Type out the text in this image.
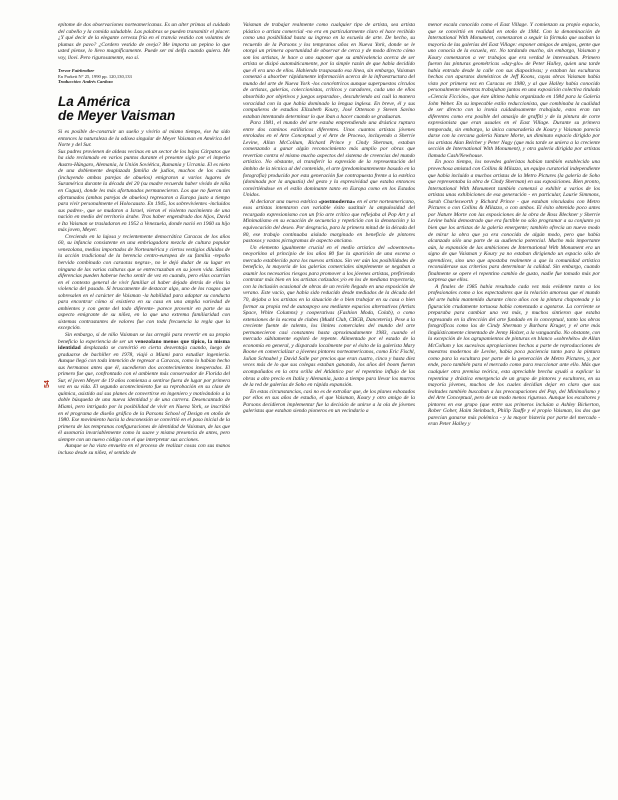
54

epitome de dos observaciones norteamericanas. Es un alter primas al cuidado del cabello y la comida saludable. Las palabras se pueden transmitir el placer. ¿Y qué decir de la elegante cerveza fría en el tranvía vestido con volantes de plumas de pavo? ¿Cordero vestido de oveja? Me importa un pepino lo que usted piense, lo llevo magníficamente. Puede ser mi deifa cuando quiera. Me voy, llovi. Pero rigurosamente, eso sí.

Trevor Fairbrother
En Parkett N° 25, 1990 pp. 120,130,133
Traducción: Andrés Cardozo
La América
de Meyer Vaisman

Si es posible de-construir un sueño y vivirlo al mismo tiempo, ése ha sido entonces la naturaleza de la odisea singular de Meyer Vaisman en América del Norte y del Sur.

Sus padres provienen de aldeas vecinas en un sector de los bajos Cárpatos que ha sido reclamado en varios puntos durante el presente siglo por el imperio Austro-Húngaro, Alemania, la Unión Soviética, Rumania y Ucrania. El es nieto de una doblemente desplazada familia de judíos, muchos de los cuales (incluyendo ambas parejas de abuelos) emigraron a varios lugares de Suramérica durante la década del 20 (su madre recuerda haber vivido de niña en Cagua), donde les más afortunados permanecieron. Los que no fueron tan afortunados (ambas parejas de abuelos) regresaron a Europa justo a tiempo para vivir personalmente el Holocausto. En 1945, los sobrevivientes -incluidos sus padres-, que se mudaron a Israel, vieron el violento nacimiento de una nación en medio del territorio árabe. Tras haber engendrado dos hijos, David e Ita Vaisman se trasladaron en 1952 a Venezuela, donde nació en 1960 su hijo más joven, Meyer.

Creciendo en la lujosa y recientemente democrática Caracas de los años 60, su infancia consistente en una embriagadora mezcla de cultura popular venezolana, medios importados de Norteamérica y ciertos vestigios diluidos de la acción tradicional de la herencia centro-europea de su familia -repollo hervido combinado con caraotas negras-, no le dejó dudar de su lugar en ninguna de las varias culturas que se entrecruzaban en su joven vida. Sutiles diferencias pueden haberse hecho sentir de vez en cuando, pero ellas ocurrían en el contexto general de vivir familiar al haber dejado detrás de ellos la violencia del pasado. Si bruscamente de destacar algo, uno de los rasgos que sobresalen en el carácter de Vaisman -la habilidad para adaptar su conducta para encontrar cómo sí existiera en su casa en una amplia variedad de ambientes y con gente del todo diferente- parece provenir en parte de su aspecto emigrante de su niñez, en la que una extrema familiaridad con sistemas contrastantes de valores fue con toda frecuencia la regla que la excepción.

Sin embargo, si de niño Vaisman se las arregló para revertir en su propio beneficio la experiencia de ser un venezolano menos que típico, la misma identidad desplazada se convirtió en cierta desventaja cuando, luego de graduarse de bachiller en 1978, viajó a Miami para estudiar ingeniería. Aunque llegó con toda intención de regresar a Caracas, como lo habían hecho sus hermanos antes que él, sucedieron dos acontecimientos inesperados. El primero fue que, confrontado con el ambiente más conservador de Florida del Sur, el joven Meyer de 19 años comienza a sentirse fuera de lugar por primera vez en su vida. El segundo acontecimiento fue su reprobación en su clase de química, asistido así sus planes de convertirse en ingeniero y motivándolo a la doble búsqueda de una nueva identidad y de una carrera. Desencantado de Miami, pero intrigado por la posibilidad de vivir en Nueva York, se inscribió en el programa de diseño gráfico de la Parsons School of Design en otoño de 1980. Ese movimiento hacia la desconexión se convirtió en el paso inicial de la primera de las tempranas configuraciones de identidad de Vaisman, de las que él asomaría invariablemente como la suave y misma presencia de antes, pero siempre con un nuevo código con el que interpretar sus acciones.

Aunque se ha visto envuelto en el proceso de realizar cosas con sus manos incluso desde su niñez, el sentido de

Vaisman de trabajar realmente como cualquier tipo de artista, sea artista plástico o artista comercial -no era en particularmente claro el hace recibido como una posibilidad hasta su ingreso en la escuela de arte. De hecho, su recuerdo de la Parsons y los tempranos años en Nueva York, donde se le otorgó un primera oportunidad de observar de cerca y de modo directo cómo son los artistas, le hace a uno suponer que su ambivalencia acerca de ser artista se disipó automáticamente, por la simple razón de que había decidido que él era uno de ellos. Habiendo traspasado esa línea, sin embargo, Vaisman comenzó a absorber rápidamente información acerca de la infraestructura del mundo del arte de Nueva York -los concéntricos aunque superpuestos círculos de artistas, galerías, coleccionistas, críticos y curadores, cada uno de ellos absorbido por objetivos y juegos separados-, descubriendo así cuál la manera voracidad con la que había dominado la lengua inglesa. En breve, él y sus compañeros de estudios Elizabeth Koury, José Ottenson y Steven Savino estaban intentando determinar lo que iban a hacer cuando se graduaran.

Para 1981, el mundo del arte estaba emprendiendo una drástica ruptura entre dos caminos estilísticos diferentes. Unos cuantos artistas jóvenes enrolados en el Arte Conceptual y el Arte de Proceso, incluyendo a Sherrie Levine, Allan McCollum, Richard Prince y Cindy Sherman, estaban comenzando a ganar algún reconocimiento más amplio por obras que revertían contra el mismo mucho aspectos del sistema de creencias del mundo artístico. No obstante, al transferir la expresión de la representación del ámbito de la técnica al del contenido, el arte (predominantemente basado en la fotografía) producido por esta generación fue contrapuesta frente a la estética (dominada por la angustia) del gesto y la expresividad que estaba entonces convirtiéndose en el estilo dominante tanto en Europa como en los Estados Unidos.

Al declarar una nueva estética «postmoderna» en el arte norteamericano, esos artistas intentaron con variable éxito sustituir la ampulosidad del recargado expresionismo con un frío arte crítico que reflejaba al Pop Art y al Minimalismo en su ecuación de secuencia y repetición con la denotación y la equivocación del deseo. Por desgracia, para la primera mitad de la década del 80, ese trabajo continuaba aislado marginado en beneficio de pintores pastosos y vastos pictogramas de aspecto anciano.

Un elemento igualmente crucial en el medio artístico del «downtown» neoyorkino al principio de los años 80 fue la aparición de una escena o mercado establecido para los nuevos artistas. Sin ver aún las posibilidades de beneficio, la mayoría de las galerías comerciales simplemente se negaban a asumir los necesarios riesgos para promover a los jóvenes artistas, prefiriendo contratar más bien en los artistas cotizados y/o en los de mediana trayectoria, con la inclusión ocasional de obras de un recién llegado en una exposición de verano. Este vacío, que había sido reducido desde mediados de la década del 70, dejaba a los artistas en la situación de o bien trabajar en su casa o bien formar su propia red de autoapoyo sea mediante espacios alternativos (Artists Space, White Columns) y cooperativas (Fashion Moda, Colab), o como extensiones de la escena de clubes (Mudd Club, CBGB, Danceteria). Pese a la creciente fuente de talento, los límites comerciales del mundo del arte permanecieron casi constantes hasta aproximadamente 1983, cuando el mercado súbitamente explotó de repente. Alimentado por el estado de la economía en general, y disparado localmente por el éxito de la galerista Mary Boone en comercializar a jóvenes pintores norteamericanos, como Eric Fischl, Julian Schnabel y David Salle por precios que eran cuatro, cinco y hasta diez veces más de lo que sus colegas estaban ganando, los años del boom fueron acompañados en la otra orilla del Atlántico por el repentino influjo de las obras a alto precio en Italia y Alemania, justo a tiempo para llevar los murros de la red de galerías de Soho en rápida expansión.

En estas circunstancias, casi no es de extrañar que, de los planes esbozados por ellos en sus años de estudio, el que Vaisman, Koury y otro amigo de la Parsons decidieron implementar fue la decisión de unirse a la ola de jóvenes galeristas que estaban siendo pioneros en un vecindario a

menor escala conocido como el East Village. Y comienzan su propio espacio, que se convirtió en realidad en otoño de 1984. Con la denominación de International With Monument, comenzaron a seguir la fórmula que usaban la mayoría de las galerías del East Village: exponer amigos de amigos, gente que uno conocía de la escuela, etc. No tardando mucho, sin embargo, Vaisman y Koury comenzaron a ver trabajos que era verdad le interesaban. Primero fueron las pinturas geométricas «day-glo» de Peter Halley, quien una tarde había entrado desde la calle con sus diapositivas; y estaban las esculturas hechas con aparatos domésticos de Jeff Koons, cuyas obras Vaisman había visto por primera vez en Caracas en 1980, y al que Halley había conocido personalmente mientras trabajaban juntos en una exposición colectiva titulada «Ciencia Ficción», que éste último había organizado en 1984 para la Galería John Weber. En su impecable estilo reduccionista, que combinaba la cualidad de ser directo con la ironía cuidadosamente trabajada, estos eran tan diferentes como era posible del amasijo de graffiti y de la pintura de corte expresionista que eran usuales en el East Village. Durante su primera temporada, sin embargo, la única camaradería de Koury y Vaisman parecía darse con la cercana galería Nature Morte, un diminuto espacio dirigido por los artistas Alan Belcher y Peter Nagy (que más tarde se uniera a la creciente sección de International With Monument), y otra galería dirigida por artistas llamada Cash/Newhouse.

En poco tiempo, los novedes galeristas habían también establecido una provechosa amistad con Collins & Milazzo, un equipo curatorial independiente que había incluido a muchos artistas de la Metro Pictures (la galería de Soho que representaba la obra de Cindy Sherman) en sus exposiciones. Bien pronto, International With Monument también comenzó a exhibir a varios de los artistas unas exhibiciones de esa generación - en particular, Laurie Simmons, Sarah Charlesworth y Richard Prince - que estaban vinculados con Metro Pictures o con Collins & Milazzo, o con ambos. El éxito obtenido poco antes por Nature Morte con las exposiciones de la obra de Ross Bleckner y Sherrie Levine había demostrado que era factible no sólo programar a su conjunto ya bien que los artistas de la galería emergente; también ofrecía un nuevo modo de mirar la obra que ya era conocida de algún modo, pero que había alcanzado sólo una parte de su audiencia potencial. Mucho más importante aún, la expansión de las ambiciones de International With Monument era un signo de que Vaisman y Koury ya no estaban dirigiendo un espacio sólo de aprendices, sino uno que apostaba realmente a que la comunidad artística reconsiderase sus criterios para determinar la calidad. Sin embargo, cuando finalmente se opere el repentino cambio de gusto, nadie fue tomado más por sorpresa que ellos.

A finales de 1985 había resultado cada vez más evidente tanto a los profesionales como a los espectadores que la relación amorosa que el mundo del arte había mantenido durante cinco años con la pintura chapoteada y la figuración crudamente tortuosa había comenzado a agotarse. La corriente se preparaba para cambiar una vez más, y muchos sintieron que estaba regresando en la dirección del arte fundado en lo conceptual, tanto las obras fotográficas como las de Cindy Sherman y Barbara Kruger, y el arte más lingüísticamente cimentado de Jenny Holzer, a la vanguardia. No obstante, con la excepción de los agrupamientos de pinturas en blanco «sobrehéto» de Allan McCollum y las sucesivas apropiaciones hechas a parte de reproducciones de maestros modernos de Levine, había poca paciencia tanto para la pintura como para la escultura por parte de la generación de Metro Pictures, y, por ende, poco también para el mercado como para reaccionar ante ello. Más que cualquier otra premisa teórica, esta apreciable brecha ayudó a explicar la repentina y drástica emergencia de un grupo de pintores y escultores, en su mayoría jóvenes, muchos de los cuales decidían dejar en claro que sus lealtades también buscaban a las preocupaciones del Pop, del Minimalismo y del Arte Conceptual, pero de un modo menos riguroso. Aunque los escultores y pintores en ese grupo (que entre sus primeros incluían a Ashley Bickerton, Rober Gober, Haim Steinbach, Philip Taaffe y el propio Vaisman, los dos que parecían ganarse más polémica - y la mayor histeria por parte del mercado - eran Peter Halley y
